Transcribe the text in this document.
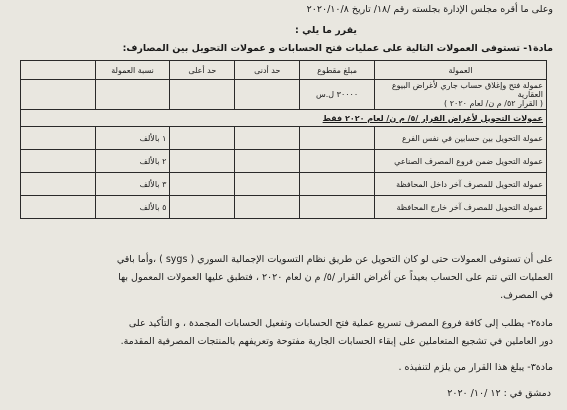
وعلى ما أقره مجلس الإدارة بجلسته رقم /١٨/ تاريخ ٢٠٢٠/١٠/٨
يقرر ما يلي :
مادة١- تستوفى العمولات التالية على عمليات فتح الحسابات و عمولات التحويل بين المصارف:
العمولة	مبلغ مقطوع	حد أدنى	حد أعلى	نسبة العمولة	

عمولة فتح وإغلاق حساب جاري لأغراض البيوع العقارية
( القرار ٥٢/ م ن/ لعام ٢٠٢٠ )	٣٠٠٠٠ ل.س				
عمولات التحويل لأغراض القرار /٥/ م ن/ لعام ٢٠٢٠ فقط					
عمولة التحويل بين حسابين في نفس الفرع				١ بالألف	
عمولة التحويل ضمن فروع المصرف الصناعي				٢ بالألف	
عمولة التحويل للمصرف آخر داخل المحافظة				٣ بالألف	
عمولة التحويل للمصرف آخر خارج المحافظة				٥ بالألف	
على أن تستوفى العمولات حتى لو كان التحويل عن طريق نظام التسويات الإجمالية السوري ( sygs ) ،وأما باقي
العمليات التي تتم على الحساب بعيداً عن أغراض القرار /٥/ م ن لعام ٢٠٢٠ ، فتطبق عليها العمولات المعمول بها
في المصرف.
مادة٢- يطلب إلى كافة فروع المصرف تسريع عملية فتح الحسابات وتفعيل الحسابات المجمدة ، و التأكيد على
دور العاملين في تشجيع المتعاملين على إبقاء الحسابات الجارية مفتوحة وتعريفهم بالمنتجات المصرفية المقدمة.
مادة٣- يبلغ هذا القرار من يلزم لتنفيذه .
دمشق في : ١٢ /١٠/ ٢٠٢٠
